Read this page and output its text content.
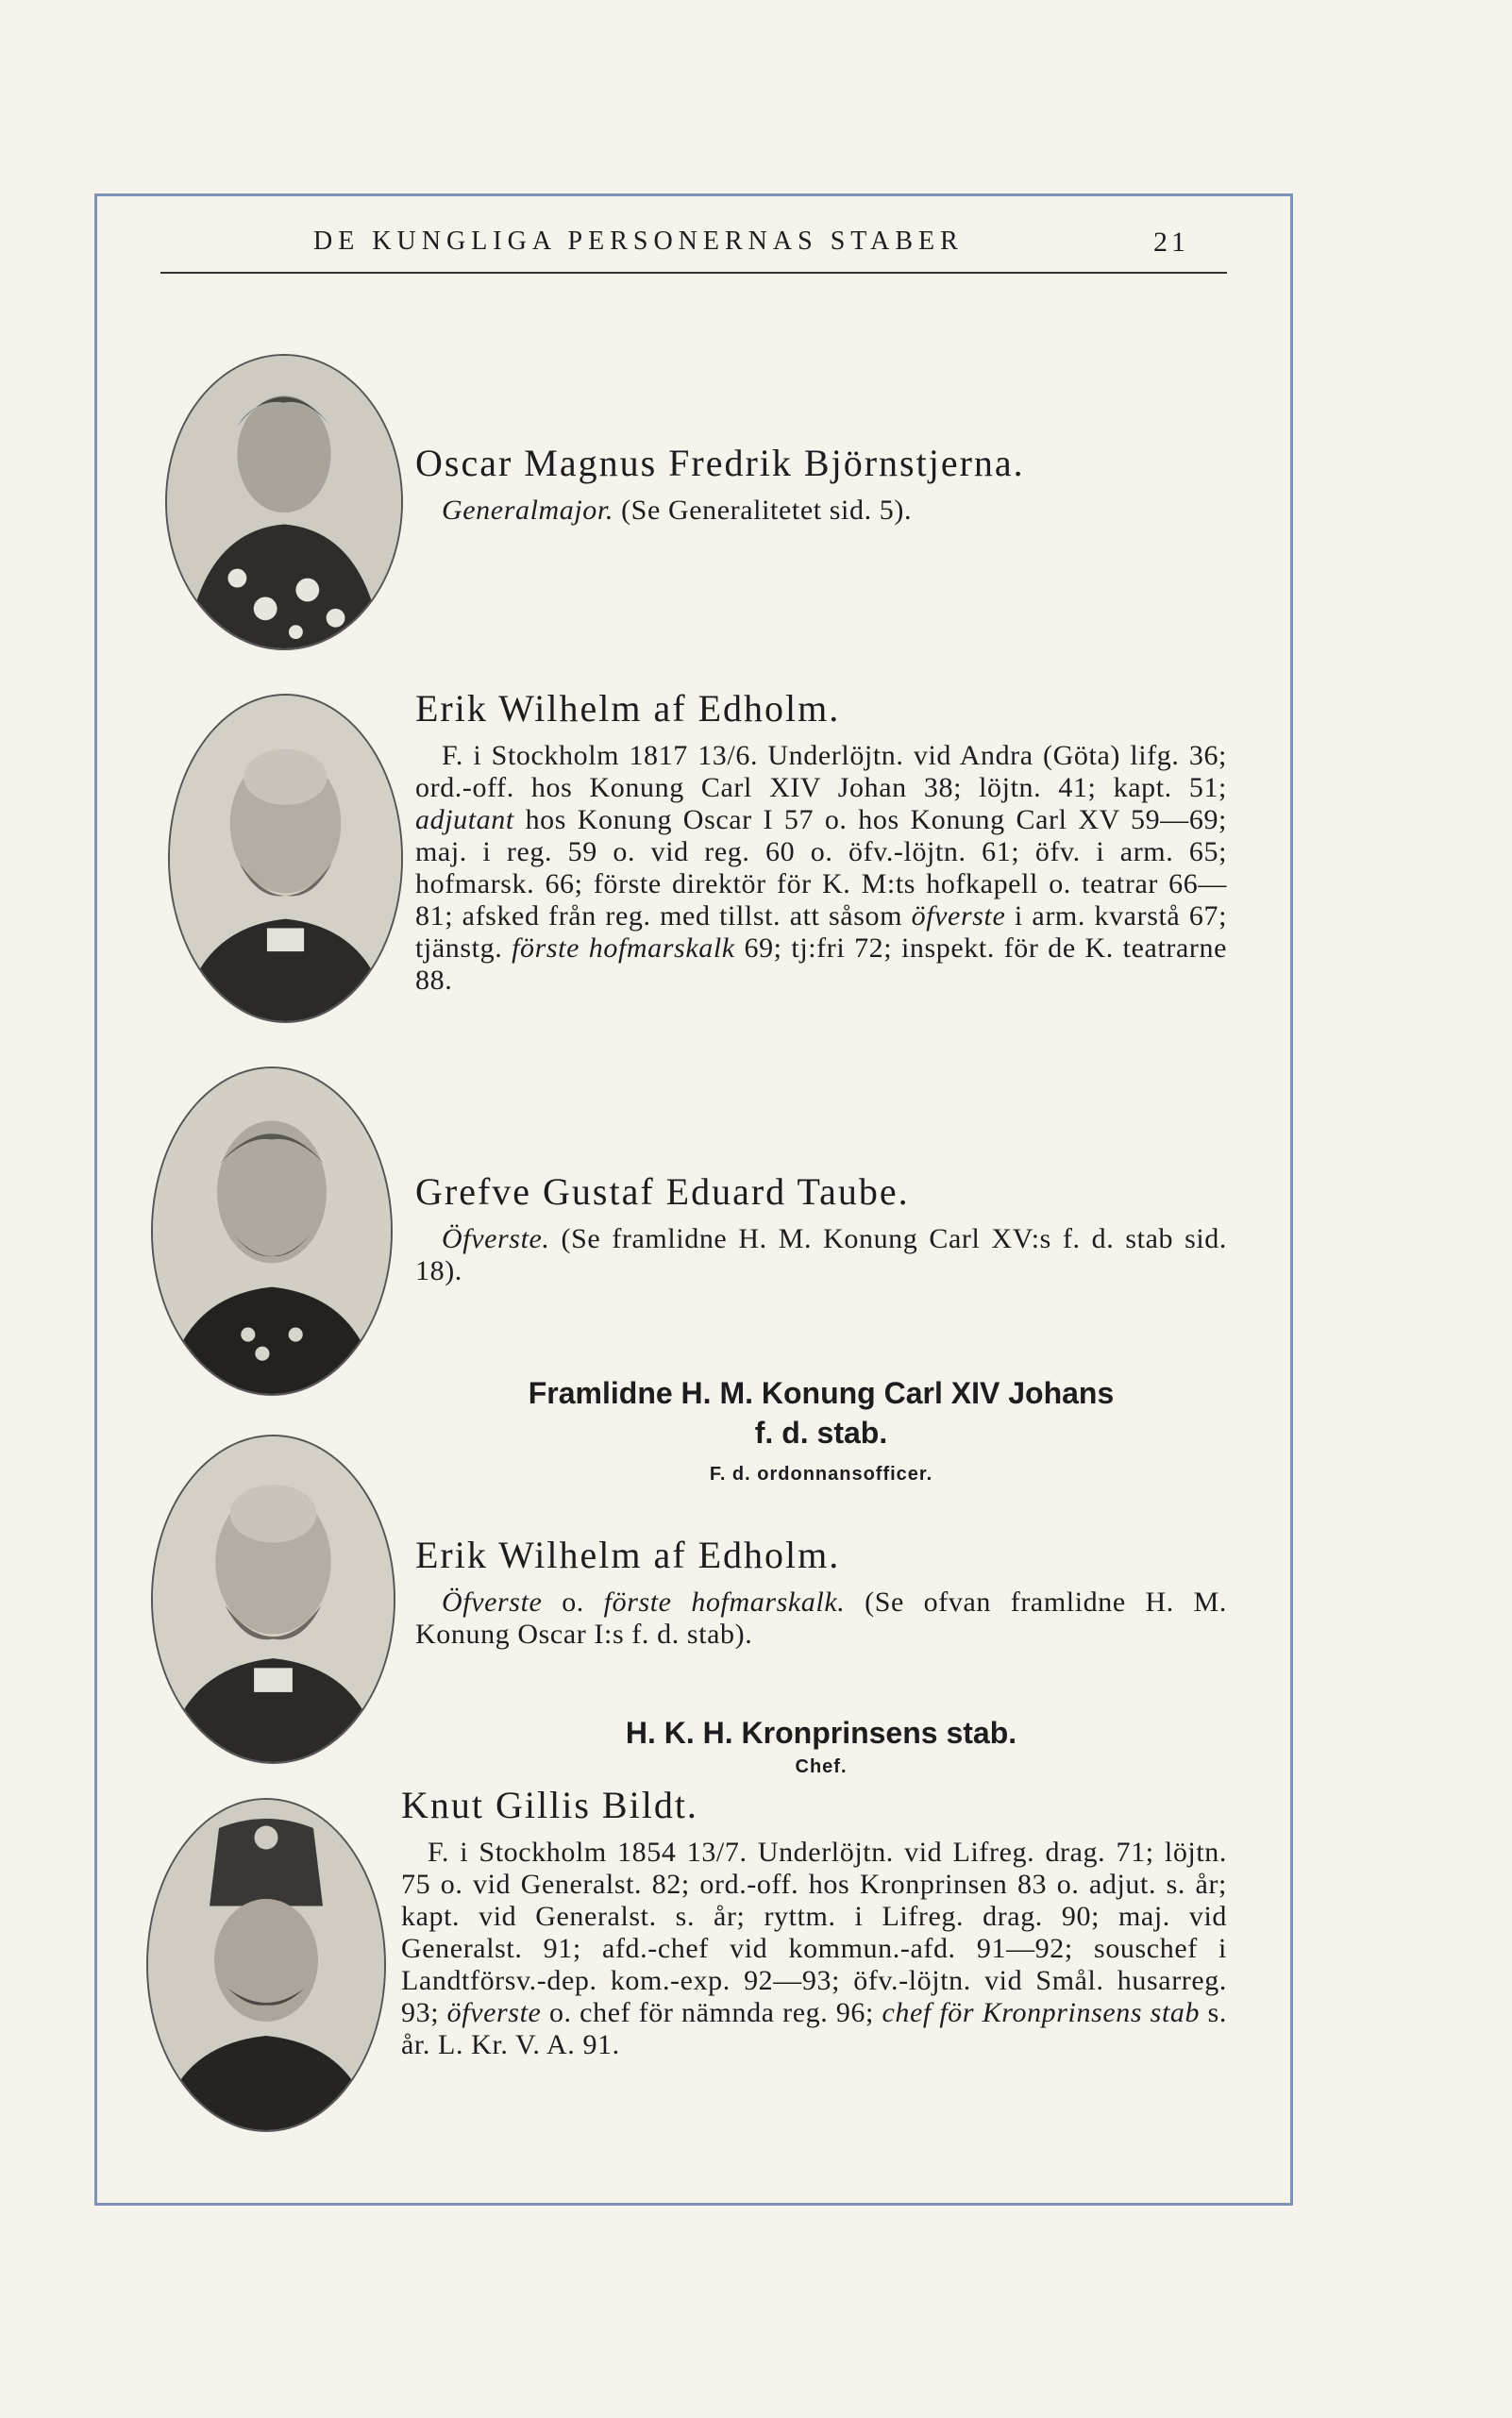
DE KUNGLIGA PERSONERNAS STABER	21

Oscar Magnus Fredrik Björnstjerna.

Generalmajor. (Se Generalitetet sid. 5).

Erik Wilhelm af Edholm.

F. i Stockholm 1817 13/6. Underlöjtn. vid Andra (Göta) lifg. 36; ord.-off. hos Konung Carl XIV Johan 38; löjtn. 41; kapt. 51; adjutant hos Konung Oscar I 57 o. hos Konung Carl XV 59—69; maj. i reg. 59 o. vid reg. 60 o. öfv.-löjtn. 61; öfv. i arm. 65; hofmarsk. 66; förste direktör för K. M:ts hofkapell o. teatrar 66—81; afsked från reg. med tillst. att såsom öfverste i arm. kvarstå 67; tjänstg. förste hofmarskalk 69; tj:fri 72; inspekt. för de K. teatrarne 88.

Grefve Gustaf Eduard Taube.

Öfverste. (Se framlidne H. M. Konung Carl XV:s f. d. stab sid. 18).
Framlidne H. M. Konung Carl XIV Johans
f. d. stab.
F. d. ordonnansofficer.

Erik Wilhelm af Edholm.

Öfverste o. förste hofmarskalk. (Se ofvan framlidne H. M. Konung Oscar I:s f. d. stab).
H. K. H. Kronprinsens stab.
Chef.

Knut Gillis Bildt.

F. i Stockholm 1854 13/7. Underlöjtn. vid Lifreg. drag. 71; löjtn. 75 o. vid Generalst. 82; ord.-off. hos Kronprinsen 83 o. adjut. s. år; kapt. vid Generalst. s. år; ryttm. i Lifreg. drag. 90; maj. vid Generalst. 91; afd.-chef vid kommun.-afd. 91—92; souschef i Landtförsv.-dep. kom.-exp. 92—93; öfv.-löjtn. vid Smål. husarreg. 93; öfverste o. chef för nämnda reg. 96; chef för Kronprinsens stab s. år. L. Kr. V. A. 91.
